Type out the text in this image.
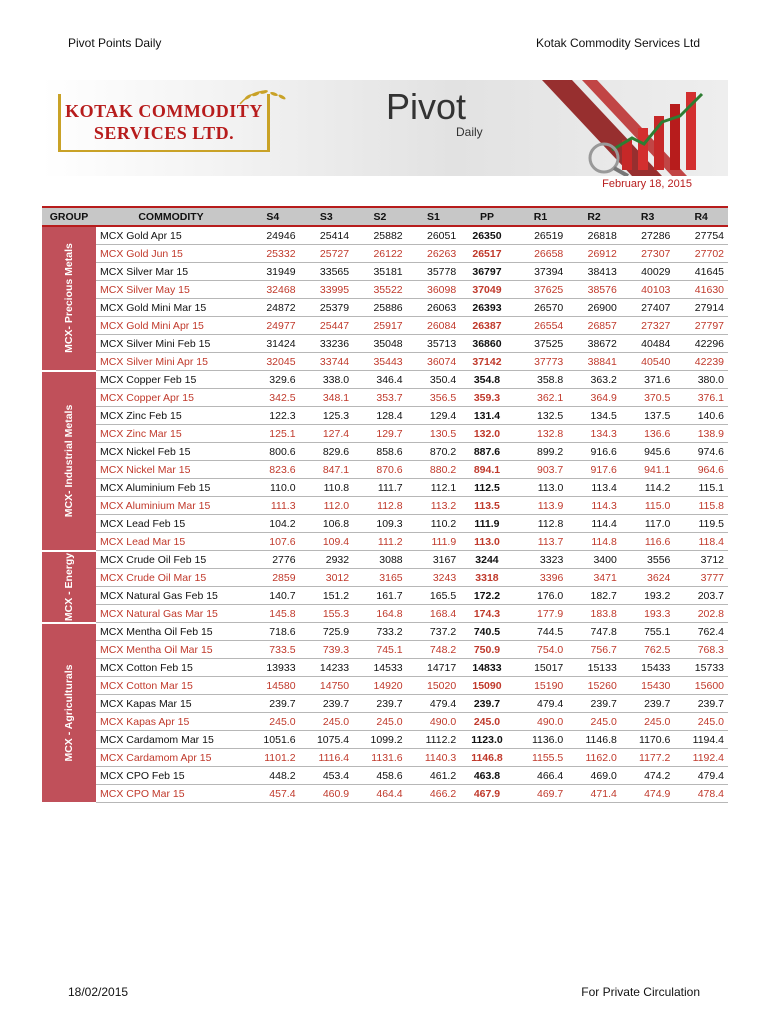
Pivot Points Daily	Kotak Commodity Services Ltd
KOTAK COMMODITY
SERVICES LTD.
Pivot
Daily
February 18, 2015
GROUP	COMMODITY	S4	S3	S2	S1	PP	R1	R2	R3	R4

MCX- Precious Metals	MCX Gold Apr 15	24946	25414	25882	26051	26350	26519	26818	27286	27754
	MCX Gold Jun 15	25332	25727	26122	26263	26517	26658	26912	27307	27702
	MCX Silver Mar 15	31949	33565	35181	35778	36797	37394	38413	40029	41645
	MCX Silver May 15	32468	33995	35522	36098	37049	37625	38576	40103	41630
	MCX Gold Mini Mar 15	24872	25379	25886	26063	26393	26570	26900	27407	27914
	MCX Gold Mini Apr 15	24977	25447	25917	26084	26387	26554	26857	27327	27797
	MCX Silver Mini Feb 15	31424	33236	35048	35713	36860	37525	38672	40484	42296
	MCX Silver Mini Apr 15	32045	33744	35443	36074	37142	37773	38841	40540	42239

MCX- Industrial Metals	MCX Copper Feb 15	329.6	338.0	346.4	350.4	354.8	358.8	363.2	371.6	380.0
	MCX Copper Apr 15	342.5	348.1	353.7	356.5	359.3	362.1	364.9	370.5	376.1
	MCX Zinc Feb 15	122.3	125.3	128.4	129.4	131.4	132.5	134.5	137.5	140.6
	MCX Zinc Mar 15	125.1	127.4	129.7	130.5	132.0	132.8	134.3	136.6	138.9
	MCX Nickel Feb 15	800.6	829.6	858.6	870.2	887.6	899.2	916.6	945.6	974.6
	MCX Nickel Mar 15	823.6	847.1	870.6	880.2	894.1	903.7	917.6	941.1	964.6
	MCX Aluminium Feb 15	110.0	110.8	111.7	112.1	112.5	113.0	113.4	114.2	115.1
	MCX Aluminium Mar 15	111.3	112.0	112.8	113.2	113.5	113.9	114.3	115.0	115.8
	MCX Lead Feb 15	104.2	106.8	109.3	110.2	111.9	112.8	114.4	117.0	119.5
	MCX Lead Mar 15	107.6	109.4	111.2	111.9	113.0	113.7	114.8	116.6	118.4

MCX - Energy	MCX Crude Oil Feb 15	2776	2932	3088	3167	3244	3323	3400	3556	3712
	MCX Crude Oil Mar 15	2859	3012	3165	3243	3318	3396	3471	3624	3777
	MCX Natural Gas Feb 15	140.7	151.2	161.7	165.5	172.2	176.0	182.7	193.2	203.7
	MCX Natural Gas Mar 15	145.8	155.3	164.8	168.4	174.3	177.9	183.8	193.3	202.8

MCX - Agriculturals	MCX Mentha Oil Feb 15	718.6	725.9	733.2	737.2	740.5	744.5	747.8	755.1	762.4
	MCX Mentha Oil Mar 15	733.5	739.3	745.1	748.2	750.9	754.0	756.7	762.5	768.3
	MCX Cotton Feb 15	13933	14233	14533	14717	14833	15017	15133	15433	15733
	MCX Cotton Mar 15	14580	14750	14920	15020	15090	15190	15260	15430	15600
	MCX Kapas Mar 15	239.7	239.7	239.7	479.4	239.7	479.4	239.7	239.7	239.7
	MCX Kapas Apr 15	245.0	245.0	245.0	490.0	245.0	490.0	245.0	245.0	245.0
	MCX Cardamom Mar 15	1051.6	1075.4	1099.2	1112.2	1123.0	1136.0	1146.8	1170.6	1194.4
	MCX Cardamom Apr 15	1101.2	1116.4	1131.6	1140.3	1146.8	1155.5	1162.0	1177.2	1192.4
	MCX CPO Feb 15	448.2	453.4	458.6	461.2	463.8	466.4	469.0	474.2	479.4
	MCX CPO Mar 15	457.4	460.9	464.4	466.2	467.9	469.7	471.4	474.9	478.4
18/02/2015	For Private Circulation
